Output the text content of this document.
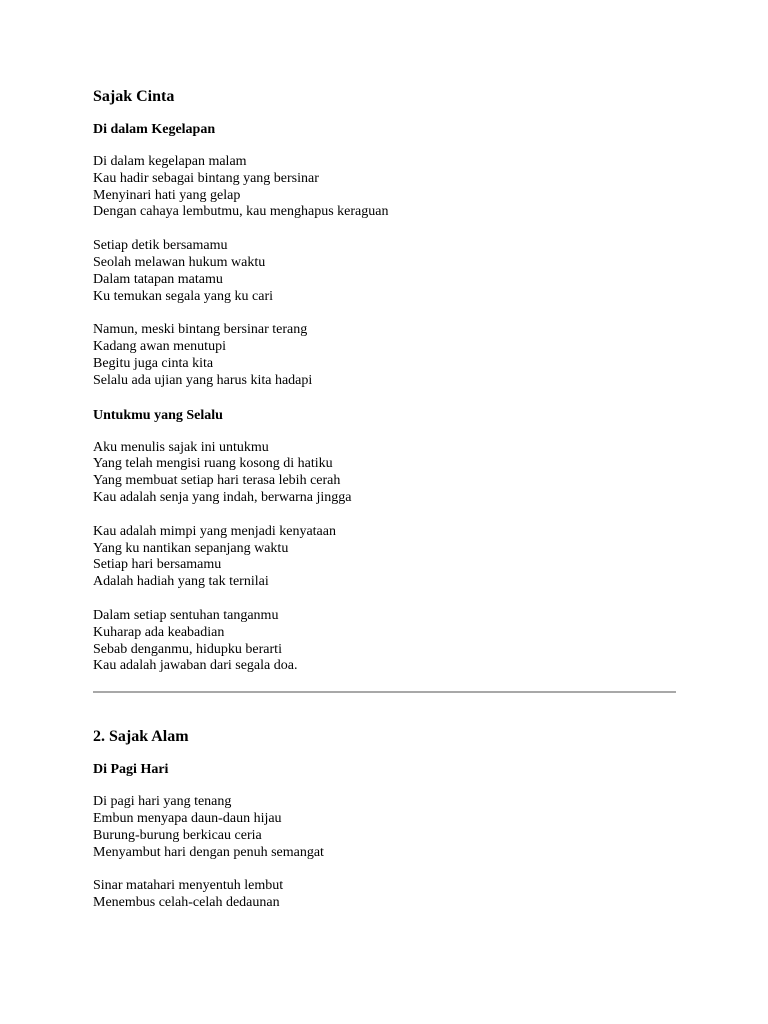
Sajak Cinta
Di dalam Kegelapan
Di dalam kegelapan malam
Kau hadir sebagai bintang yang bersinar
Menyinari hati yang gelap
Dengan cahaya lembutmu, kau menghapus keraguan
Setiap detik bersamamu
Seolah melawan hukum waktu
Dalam tatapan matamu
Ku temukan segala yang ku cari
Namun, meski bintang bersinar terang
Kadang awan menutupi
Begitu juga cinta kita
Selalu ada ujian yang harus kita hadapi
Untukmu yang Selalu
Aku menulis sajak ini untukmu
Yang telah mengisi ruang kosong di hatiku
Yang membuat setiap hari terasa lebih cerah
Kau adalah senja yang indah, berwarna jingga
Kau adalah mimpi yang menjadi kenyataan
Yang ku nantikan sepanjang waktu
Setiap hari bersamamu
Adalah hadiah yang tak ternilai
Dalam setiap sentuhan tanganmu
Kuharap ada keabadian
Sebab denganmu, hidupku berarti
Kau adalah jawaban dari segala doa.
2. Sajak Alam
Di Pagi Hari
Di pagi hari yang tenang
Embun menyapa daun-daun hijau
Burung-burung berkicau ceria
Menyambut hari dengan penuh semangat
Sinar matahari menyentuh lembut
Menembus celah-celah dedaunan
